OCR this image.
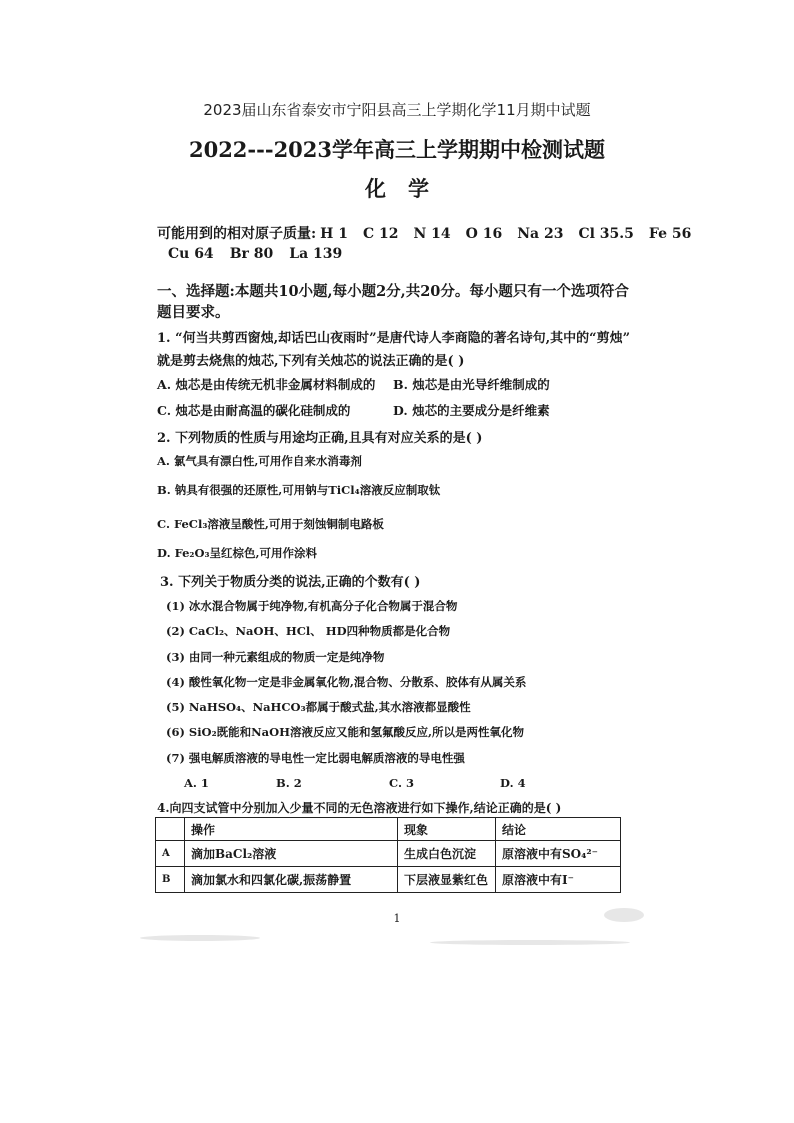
2023届山东省泰安市宁阳县高三上学期化学11月期中试题
2022---2023学年高三上学期期中检测试题
化学
可能用到的相对原子质量: H 1 C 12 N 14 O 16 Na 23 Cl 35.5 Fe 56
Cu 64 Br 80 La 139
一、选择题:本题共10小题,每小题2分,共20分。每小题只有一个选项符合题目要求。
1. “何当共剪西窗烛,却话巴山夜雨时”是唐代诗人李商隐的著名诗句,其中的“剪烛”
就是剪去烧焦的烛芯,下列有关烛芯的说法正确的是( )
A. 烛芯是由传统无机非金属材料制成的 B. 烛芯是由光导纤维制成的
C. 烛芯是由耐高温的碳化硅制成的	D. 烛芯的主要成分是纤维素
2. 下列物质的性质与用途均正确,且具有对应关系的是( )
A. 氯气具有漂白性,可用作自来水消毒剂
B. 钠具有很强的还原性,可用钠与TiCl₄溶液反应制取钛
C. FeCl₃溶液呈酸性,可用于刻蚀铜制电路板
D. Fe₂O₃呈红棕色,可用作涂料
3. 下列关于物质分类的说法,正确的个数有( )
(1) 冰水混合物属于纯净物,有机高分子化合物属于混合物
(2) CaCl₂、NaOH、HCl、 HD四种物质都是化合物
(3) 由同一种元素组成的物质一定是纯净物
(4) 酸性氧化物一定是非金属氧化物,混合物、分散系、胶体有从属关系
(5) NaHSO₄、NaHCO₃都属于酸式盐,其水溶液都显酸性
(6) SiO₂既能和NaOH溶液反应又能和氢氟酸反应,所以是两性氧化物
(7) 强电解质溶液的导电性一定比弱电解质溶液的导电性强
A. 1	B. 2	C. 3	D. 4
4.向四支试管中分别加入少量不同的无色溶液进行如下操作,结论正确的是( )
	操作	现象	结论
A	滴加BaCl₂溶液	生成白色沉淀	原溶液中有SO₄²⁻
B	滴加氯水和四氯化碳,振荡静置	下层液显紫红色	原溶液中有I⁻
1
